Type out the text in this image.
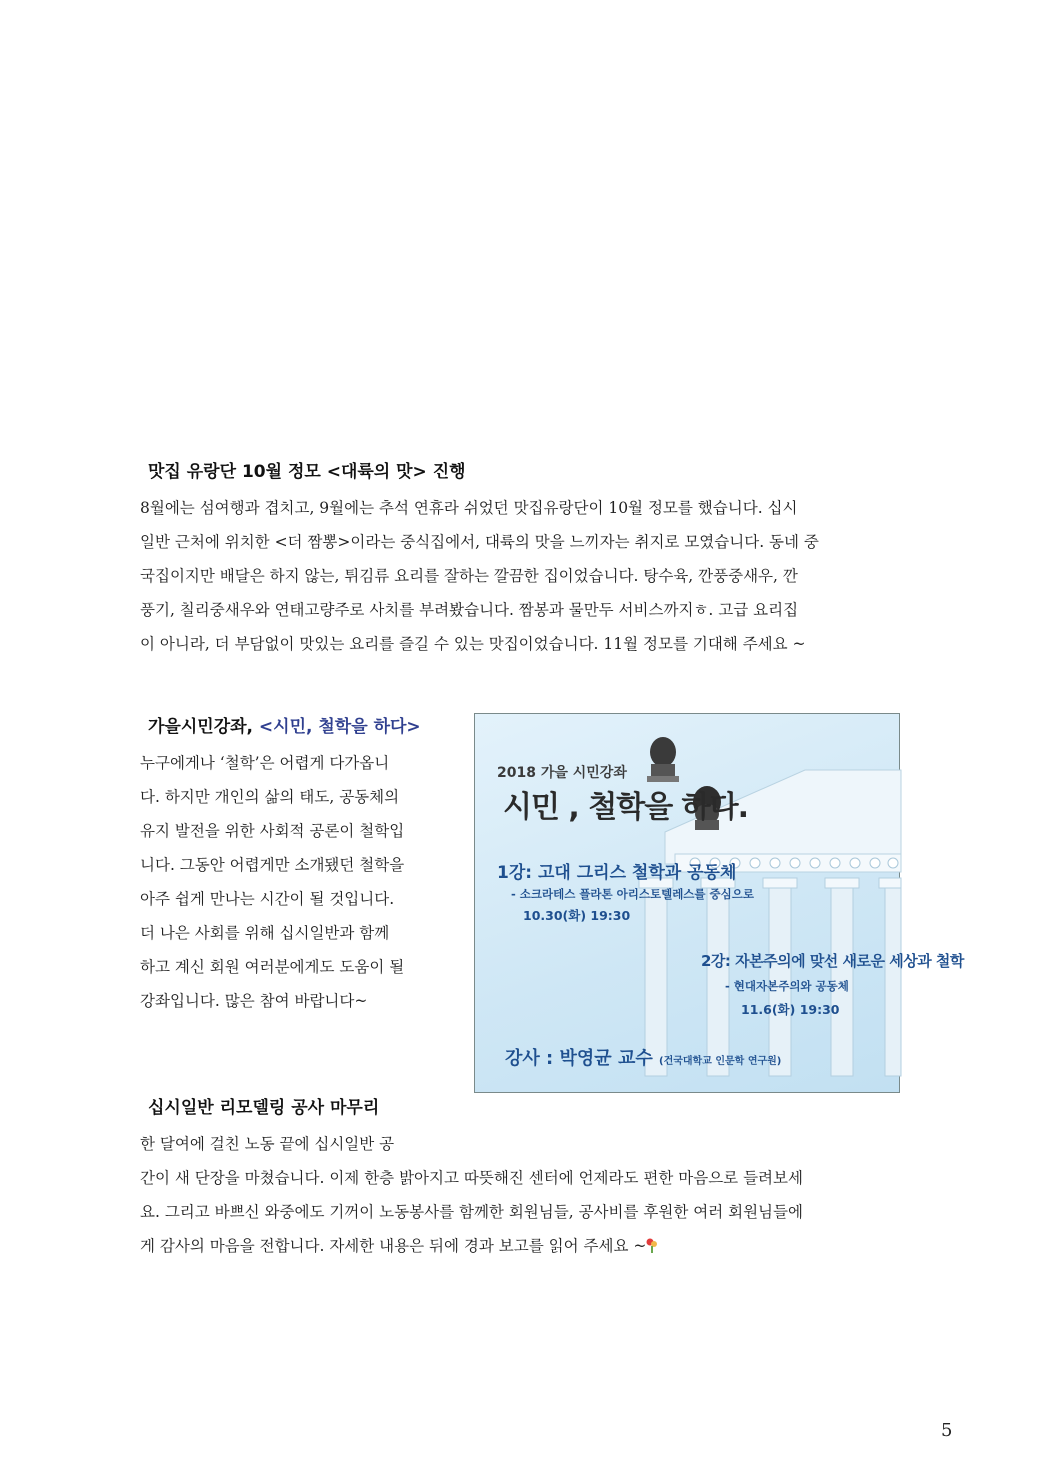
맛집 유랑단 10월 정모 <대륙의 맛> 진행

8월에는 섬여행과 겹치고, 9월에는 추석 연휴라 쉬었던 맛집유랑단이 10월 정모를 했습니다. 십시
일반 근처에 위치한 <더 짬뽕>이라는 중식집에서, 대륙의 맛을 느끼자는 취지로 모였습니다. 동네 중
국집이지만 배달은 하지 않는, 튀김류 요리를 잘하는 깔끔한 집이었습니다. 탕수육, 깐풍중새우, 깐
풍기, 칠리중새우와 연태고량주로 사치를 부려봤습니다. 짬봉과 물만두 서비스까지ㅎ. 고급 요리집
이 아니라, 더 부담없이 맛있는 요리를 즐길 수 있는 맛집이었습니다. 11월 정모를 기대해 주세요 ~

가을시민강좌, <시민, 철학을 하다>

누구에게나 ‘철학’은 어렵게 다가옵니
다. 하지만 개인의 삶의 태도, 공동체의
유지 발전을 위한 사회적 공론이 철학입
니다. 그동안 어렵게만 소개됐던 철학을
아주 쉽게 만나는 시간이 될 것입니다.
더 나은 사회를 위해 십시일반과 함께
하고 계신 회원 여러분에게도 도움이 될
강좌입니다. 많은 참여 바랍니다~

2018 가을 시민강좌
시민 , 철학을 하다.
1강: 고대 그리스 철학과 공동체
- 소크라테스 플라톤 아리스토텔레스를 중심으로
10.30(화) 19:30
2강: 자본주의에 맞선 새로운 세상과 철학
- 현대자본주의와 공동체
11.6(화) 19:30
강사 : 박영균 교수 (건국대학교 인문학 연구원)
십시일반 리모델링 공사 마무리

한 달여에 걸친 노동 끝에 십시일반 공
간이 새 단장을 마쳤습니다. 이제 한층 밝아지고 따뜻해진 센터에 언제라도 편한 마음으로 들려보세
요. 그리고 바쁘신 와중에도 기꺼이 노동봉사를 함께한 회원님들, 공사비를 후원한 여러 회원님들에
게 감사의 마음을 전합니다. 자세한 내용은 뒤에 경과 보고를 읽어 주세요 ~

5
